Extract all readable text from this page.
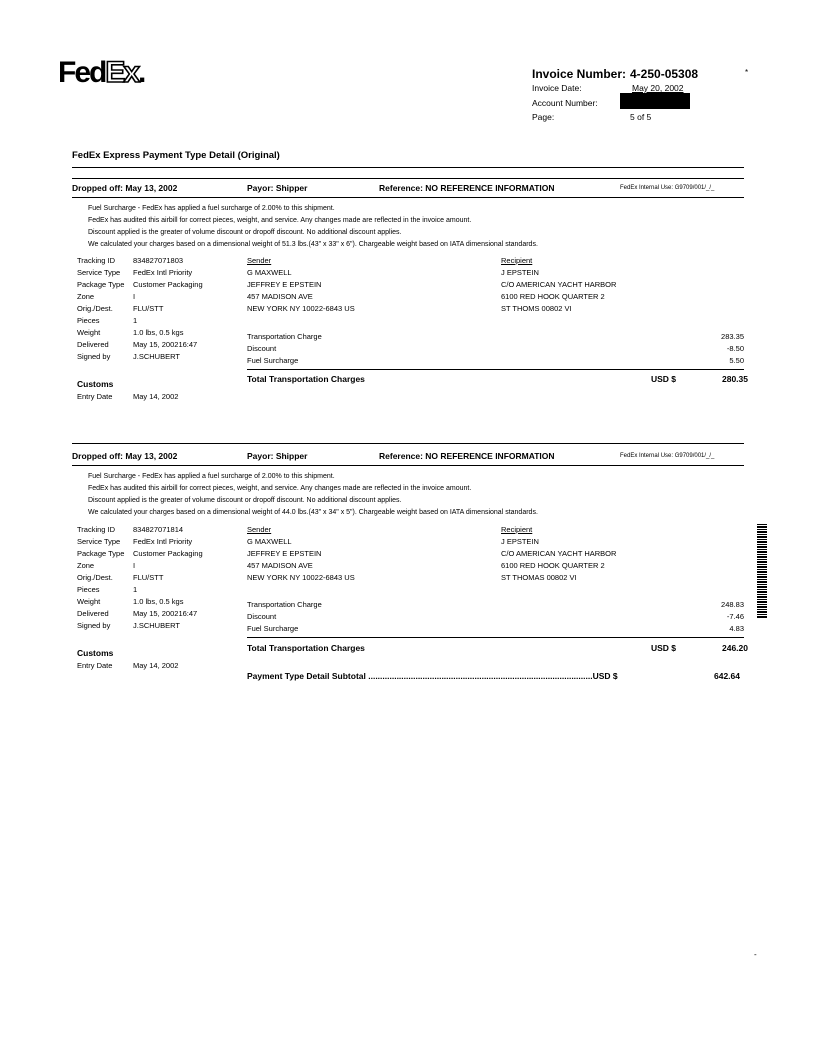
FedEx.	Invoice Number: 4-250-05308	*
Invoice Date:	May 20, 2002
Account Number:
Page:	5 of 5
FedEx Express Payment Type Detail (Original)
Dropped off: May 13, 2002	Payor: Shipper	Reference: NO REFERENCE INFORMATION	FedEx Internal Use: G9709/001/_/_
Fuel Surcharge - FedEx has applied a fuel surcharge of 2.00% to this shipment.
FedEx has audited this airbill for correct pieces, weight, and service. Any changes made are reflected in the invoice amount.
Discount applied is the greater of volume discount or dropoff discount. No additional discount applies.
We calculated your charges based on a dimensional weight of 51.3 lbs.(43" x 33" x 6"). Chargeable weight based on IATA dimensional standards.
Tracking ID 834827071803
Service Type FedEx Intl Priority
Package Type Customer Packaging
Zone	I
Orig./Dest.	FLU/STT
Pieces	1
Weight	1.0 lbs, 0.5 kgs
Delivered	May 15, 200216:47
Signed by	J.SCHUBERT
Customs
Entry Date	May 14, 2002
Sender
G MAXWELL
JEFFREY E EPSTEIN
457 MADISON AVE
NEW YORK NY 10022-6843 US
Recipient
J EPSTEIN
C/O AMERICAN YACHT HARBOR
6100 RED HOOK QUARTER 2
ST THOMS 00802 VI
Transportation Charge	283.35
Discount	-8.50
Fuel Surcharge	5.50
Total Transportation Charges	USD $	280.35
Dropped off: May 13, 2002	Payor: Shipper	Reference: NO REFERENCE INFORMATION	FedEx Internal Use: G9709/001/_/_
Fuel Surcharge - FedEx has applied a fuel surcharge of 2.00% to this shipment.
FedEx has audited this airbill for correct pieces, weight, and service. Any changes made are reflected in the invoice amount.
Discount applied is the greater of volume discount or dropoff discount. No additional discount applies.
We calculated your charges based on a dimensional weight of 44.0 lbs.(43" x 34" x 5"). Chargeable weight based on IATA dimensional standards.
Tracking ID 834827071814
Service Type FedEx Intl Priority
Package Type Customer Packaging
Zone	I
Orig./Dest.	FLU/STT
Pieces	1
Weight	1.0 lbs, 0.5 kgs
Delivered	May 15, 200216:47
Signed by	J.SCHUBERT
Customs
Entry Date	May 14, 2002
Sender
G MAXWELL
JEFFREY E EPSTEIN
457 MADISON AVE
NEW YORK NY 10022-6843 US
Recipient
J EPSTEIN
C/O AMERICAN YACHT HARBOR
6100 RED HOOK QUARTER 2
ST THOMAS 00802 VI
Transportation Charge	248.83
Discount	-7.46
Fuel Surcharge	4.83
Total Transportation Charges	USD $	246.20
Payment Type Detail Subtotal ...............................................................................................USD $	642.64
-
